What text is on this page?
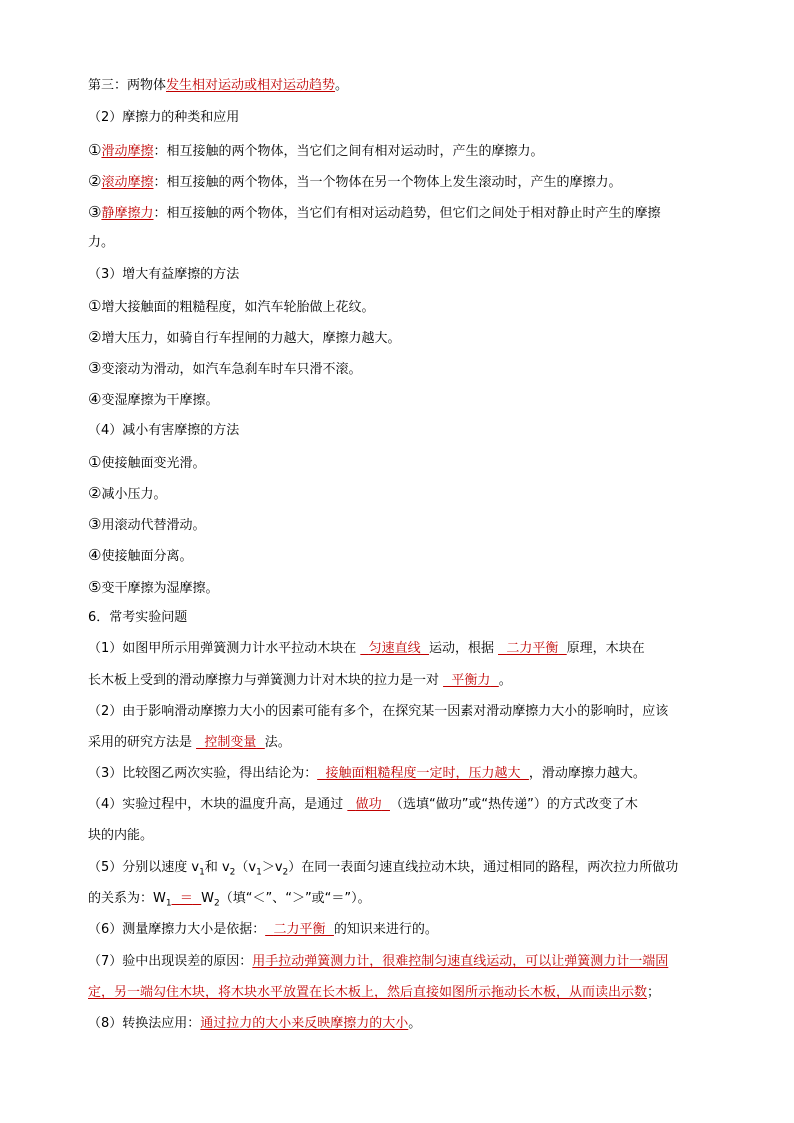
第三：两物体发生相对运动或相对运动趋势。
（2）摩擦力的种类和应用
①滑动摩擦：相互接触的两个物体，当它们之间有相对运动时，产生的摩擦力。
②滚动摩擦：相互接触的两个物体，当一个物体在另一个物体上发生滚动时，产生的摩擦力。
③静摩擦力：相互接触的两个物体，当它们有相对运动趋势，但它们之间处于相对静止时产生的摩擦
力。
（3）增大有益摩擦的方法
①增大接触面的粗糙程度，如汽车轮胎做上花纹。
②增大压力，如骑自行车捏闸的力越大，摩擦力越大。
③变滚动为滑动，如汽车急刹车时车只滑不滚。
④变湿摩擦为干摩擦。
（4）减小有害摩擦的方法
①使接触面变光滑。
②减小压力。
③用滚动代替滑动。
④使接触面分离。
⑤变干摩擦为湿摩擦。
6．常考实验问题
（1）如图甲所示用弹簧测力计水平拉动木块在 匀速直线 运动，根据 二力平衡 原理，木块在
长木板上受到的滑动摩擦力与弹簧测力计对木块的拉力是一对 平衡力 。
（2）由于影响滑动摩擦力大小的因素可能有多个，在探究某一因素对滑动摩擦力大小的影响时，应该
采用的研究方法是 控制变量 法。
（3）比较图乙两次实验，得出结论为： 接触面粗糙程度一定时，压力越大 ，滑动摩擦力越大。
（4）实验过程中，木块的温度升高，是通过 做功 （选填“做功”或“热传递”）的方式改变了木
块的内能。
（5）分别以速度 $v_1$和 $v_2(v_1>v_2)$在同一表面匀速直线拉动木块，通过相同的路程，两次拉力所做功
的关系为：$W_1 = W_2$（填“＜”、“＞”或“＝”）。
（6）测量摩擦力大小是依据： 二力平衡 的知识来进行的。
（7）验中出现误差的原因：用手拉动弹簧测力计，很难控制匀速直线运动，可以让弹簧测力计一端固
定，另一端勾住木块，将木块水平放置在长木板上，然后直接如图所示拖动长木板，从而读出示数；
（8）转换法应用：通过拉力的大小来反映摩擦力的大小。
